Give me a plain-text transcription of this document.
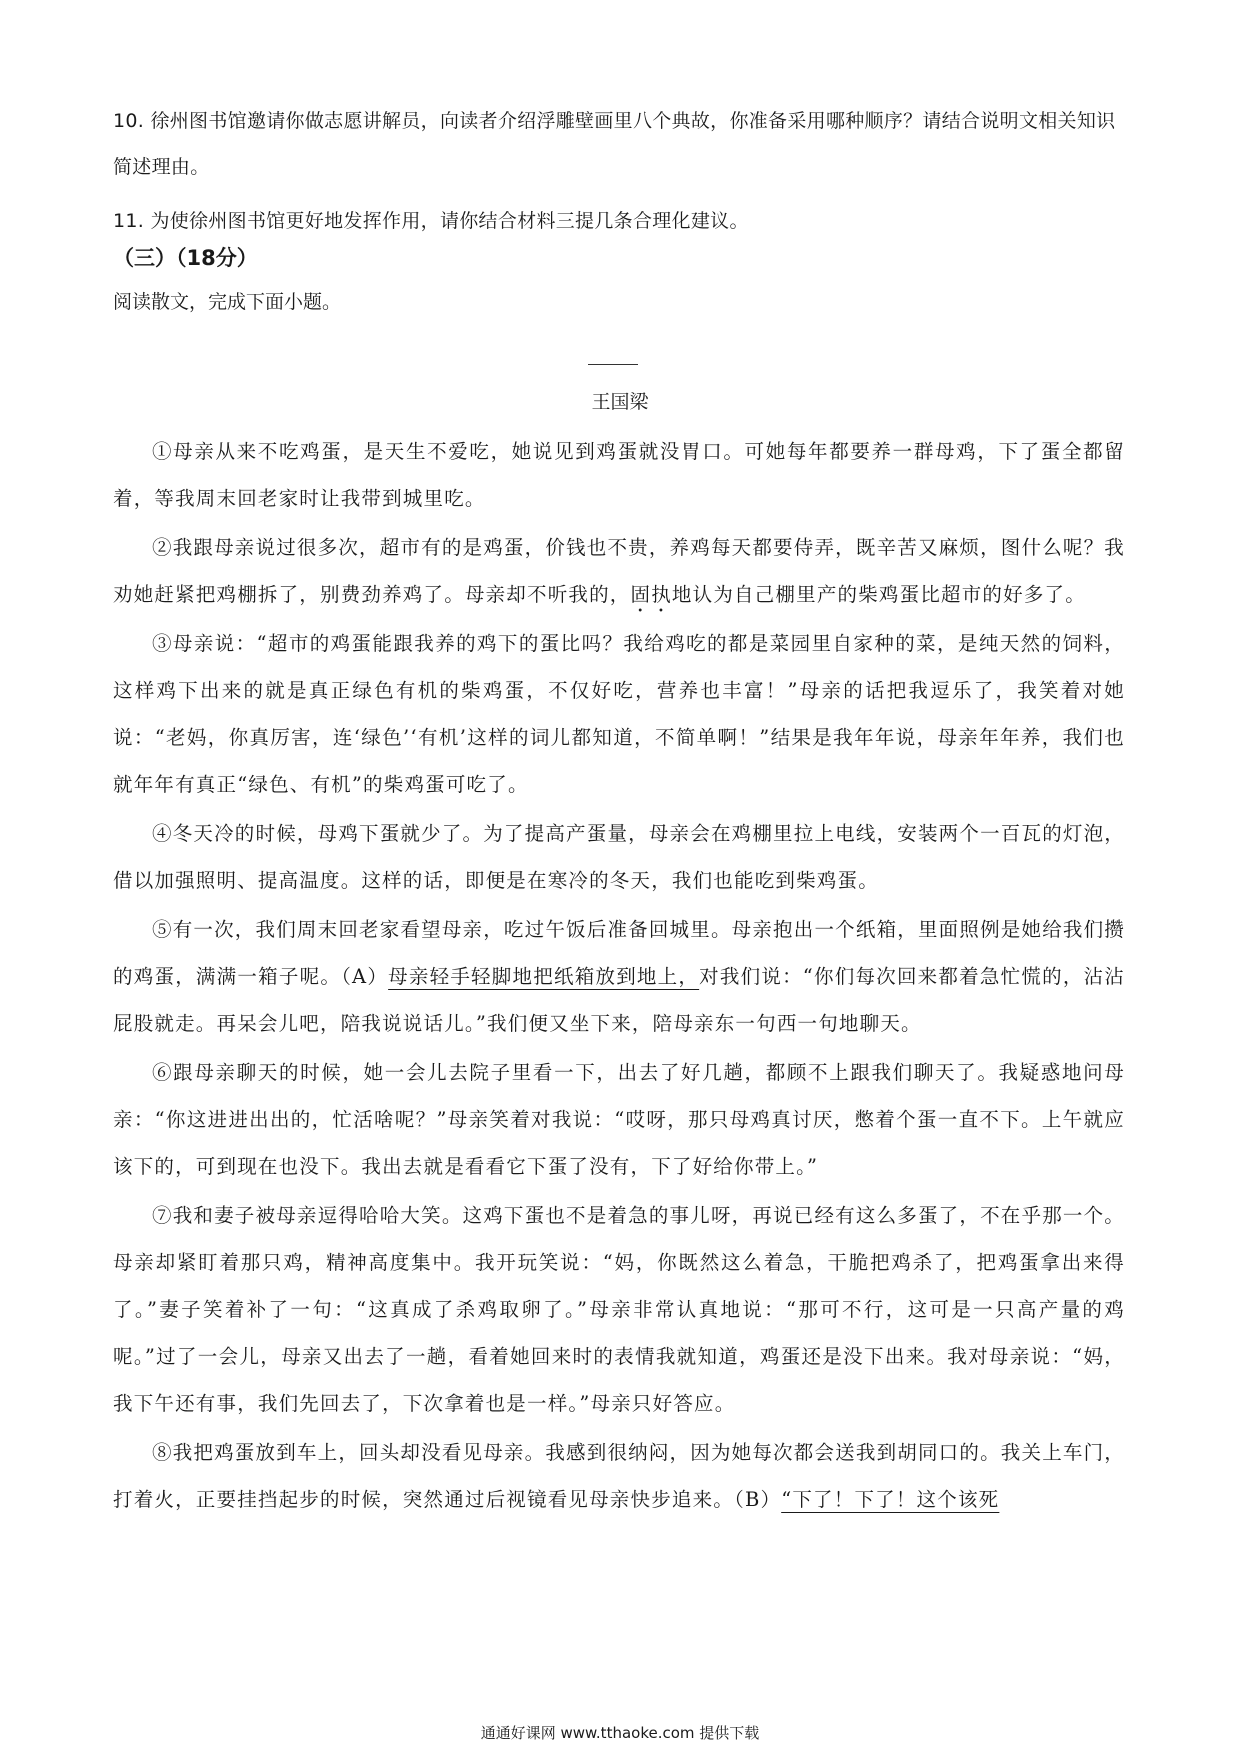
10. 徐州图书馆邀请你做志愿讲解员，向读者介绍浮雕壁画里八个典故，你准备采用哪种顺序？请结合说明文相关知识简述理由。
11. 为使徐州图书馆更好地发挥作用，请你结合材料三提几条合理化建议。
（三）（18分）
阅读散文，完成下面小题。
王国梁

①母亲从来不吃鸡蛋，是天生不爱吃，她说见到鸡蛋就没胃口。可她每年都要养一群母鸡，下了蛋全都留着，等我周末回老家时让我带到城里吃。

②我跟母亲说过很多次，超市有的是鸡蛋，价钱也不贵，养鸡每天都要侍弄，既辛苦又麻烦，图什么呢？我劝她赶紧把鸡棚拆了，别费劲养鸡了。母亲却不听我的，固执地认为自己棚里产的柴鸡蛋比超市的好多了。

③母亲说：“超市的鸡蛋能跟我养的鸡下的蛋比吗？我给鸡吃的都是菜园里自家种的菜，是纯天然的饲料，这样鸡下出来的就是真正绿色有机的柴鸡蛋，不仅好吃，营养也丰富！”母亲的话把我逗乐了，我笑着对她说：“老妈，你真厉害，连‘绿色’‘有机’这样的词儿都知道，不简单啊！”结果是我年年说，母亲年年养，我们也就年年有真正“绿色、有机”的柴鸡蛋可吃了。

④冬天冷的时候，母鸡下蛋就少了。为了提高产蛋量，母亲会在鸡棚里拉上电线，安装两个一百瓦的灯泡，借以加强照明、提高温度。这样的话，即便是在寒冷的冬天，我们也能吃到柴鸡蛋。

⑤有一次，我们周末回老家看望母亲，吃过午饭后准备回城里。母亲抱出一个纸箱，里面照例是她给我们攒的鸡蛋，满满一箱子呢。（A）母亲轻手轻脚地把纸箱放到地上，对我们说：“你们每次回来都着急忙慌的，沾沾屁股就走。再呆会儿吧，陪我说说话儿。”我们便又坐下来，陪母亲东一句西一句地聊天。

⑥跟母亲聊天的时候，她一会儿去院子里看一下，出去了好几趟，都顾不上跟我们聊天了。我疑惑地问母亲：“你这进进出出的，忙活啥呢？”母亲笑着对我说：“哎呀，那只母鸡真讨厌，憋着个蛋一直不下。上午就应该下的，可到现在也没下。我出去就是看看它下蛋了没有，下了好给你带上。”

⑦我和妻子被母亲逗得哈哈大笑。这鸡下蛋也不是着急的事儿呀，再说已经有这么多蛋了，不在乎那一个。母亲却紧盯着那只鸡，精神高度集中。我开玩笑说：“妈，你既然这么着急，干脆把鸡杀了，把鸡蛋拿出来得了。”妻子笑着补了一句：“这真成了杀鸡取卵了。”母亲非常认真地说：“那可不行，这可是一只高产量的鸡呢。”过了一会儿，母亲又出去了一趟，看着她回来时的表情我就知道，鸡蛋还是没下出来。我对母亲说：“妈，我下午还有事，我们先回去了，下次拿着也是一样。”母亲只好答应。

⑧我把鸡蛋放到车上，回头却没看见母亲。我感到很纳闷，因为她每次都会送我到胡同口的。我关上车门，打着火，正要挂挡起步的时候，突然通过后视镜看见母亲快步追来。（B）“下了！下了！这个该死

通通好课网 www.tthaoke.com 提供下载
